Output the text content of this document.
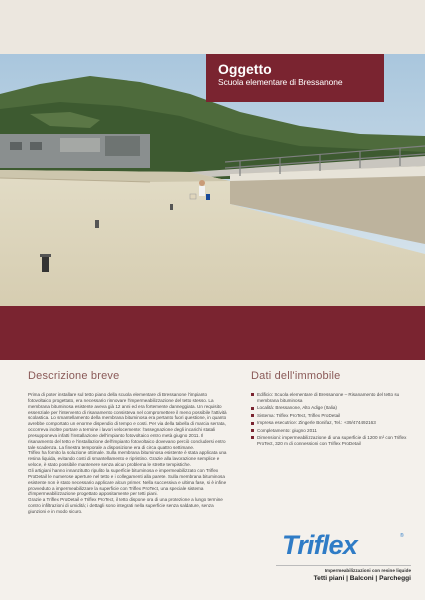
Oggetto
Scuola elementare di Bressanone
Descrizione breve

Prima di poter installare sul tetto piano della scuola elementare di Bressanone l'impianto fotovoltaico progettato, era necessario rinnovare l'impermeabilizzazione del tetto stesso. La membrana bituminosa esistente aveva già 12 anni ed era fortemente danneggiata. Un requisito essenziale per l'intervento di risanamento consisteva nel compromettere il meno possibile l'attività scolastica. Lo smantellamento della membrana bituminosa era pertanto fuori questione, in quanto avrebbe comportato un enorme dispendio di tempo e costi. Per via della tabella di marcia serrata, occorreva inoltre portare a termine i lavori velocemente: l'assegnazione degli incarichi statali presupponeva infatti l'installazione dell'impianto fotovoltaico entro metà giugno 2011. Il risanamento del tetto e l'installazione dell'impianto fotovoltaico dovevano perciò concludersi entro tale scadenza. La finestra temporale a disposizione era di circa quattro settimane.

Triflex ha fornito la soluzione ottimale. Sulla membrana bituminosa esistente è stata applicata una resina liquida, evitando costi di smantellamento e ripristino. Grazie alla lavorazione semplice e veloce, è stato possibile mantenere senza alcun problema le strette tempistiche.

Gli artigiani hanno innanzitutto ripulito la superficie bituminosa e impermeabilizzato con Triflex ProDetail le numerose aperture nel tetto e i collegamenti alla parete. Sulla membrana bituminosa esistente non è stato necessario applicare alcun primer. Nella successiva e ultima fase, si è infine provveduto a impermeabilizzare la superficie con Triflex ProTect, una speciale sistema d'impermeabilizzazione progettato appositamente per tetti piani.

Grazie a Triflex ProDetail e Triflex ProTect, il tetto dispone ora di una protezione a lungo termine contro infiltrazioni di umidità; i dettagli sono integrati nella superficie senza saldature, senza giunzioni e in modo sicuro.

Dati dell'immobile
Edificio: Scuola elementare di Bressanone – Risanamento del tetto su membrana bituminosa
Località: Bressanone, Alto Adige (Italia)
Sistema: Triflex ProTect, Triflex ProDetail
Impresa esecutrice: Zingerle Bonifaz, Tel.: +39/474492163
Completamento: giugno 2011
Dimensioni: impermeabilizzazione di una superficie di 1200 m² con Triflex ProTect, 320 m di connessioni con Triflex ProDetail
Triflex	®
Impermeabilizzazioni con resine liquide
Tetti piani | Balconi | Parcheggi
